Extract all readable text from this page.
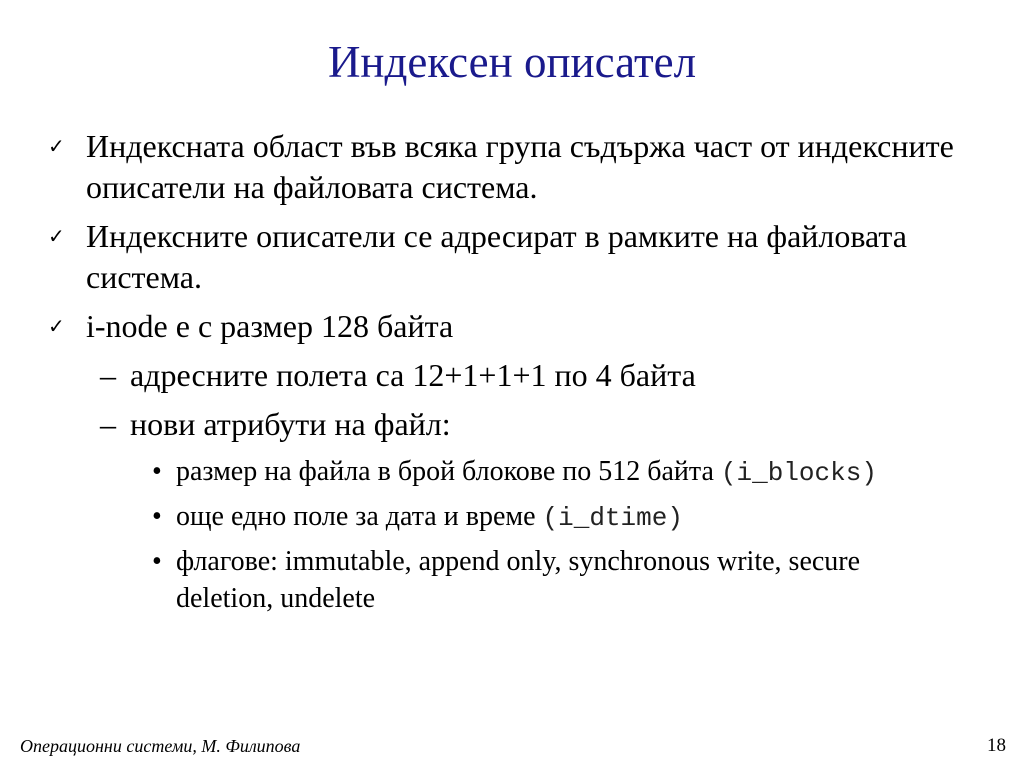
Индексен описател
✓ Индексната област във всяка група съдържа част от индексните описатели на файловата система.
✓ Индексните описатели се адресират в рамките на файловата система.
✓ i-node е с размер 128 байта
– адресните полета са 12+1+1+1 по 4 байта
– нови атрибути на файл:
• размер на файла в брой блокове по 512 байта (i_blocks)
• още едно поле за дата и време (i_dtime)
• флагове: immutable, append only, synchronous write, secure deletion, undelete
Операционни системи, М. Филипова	18
